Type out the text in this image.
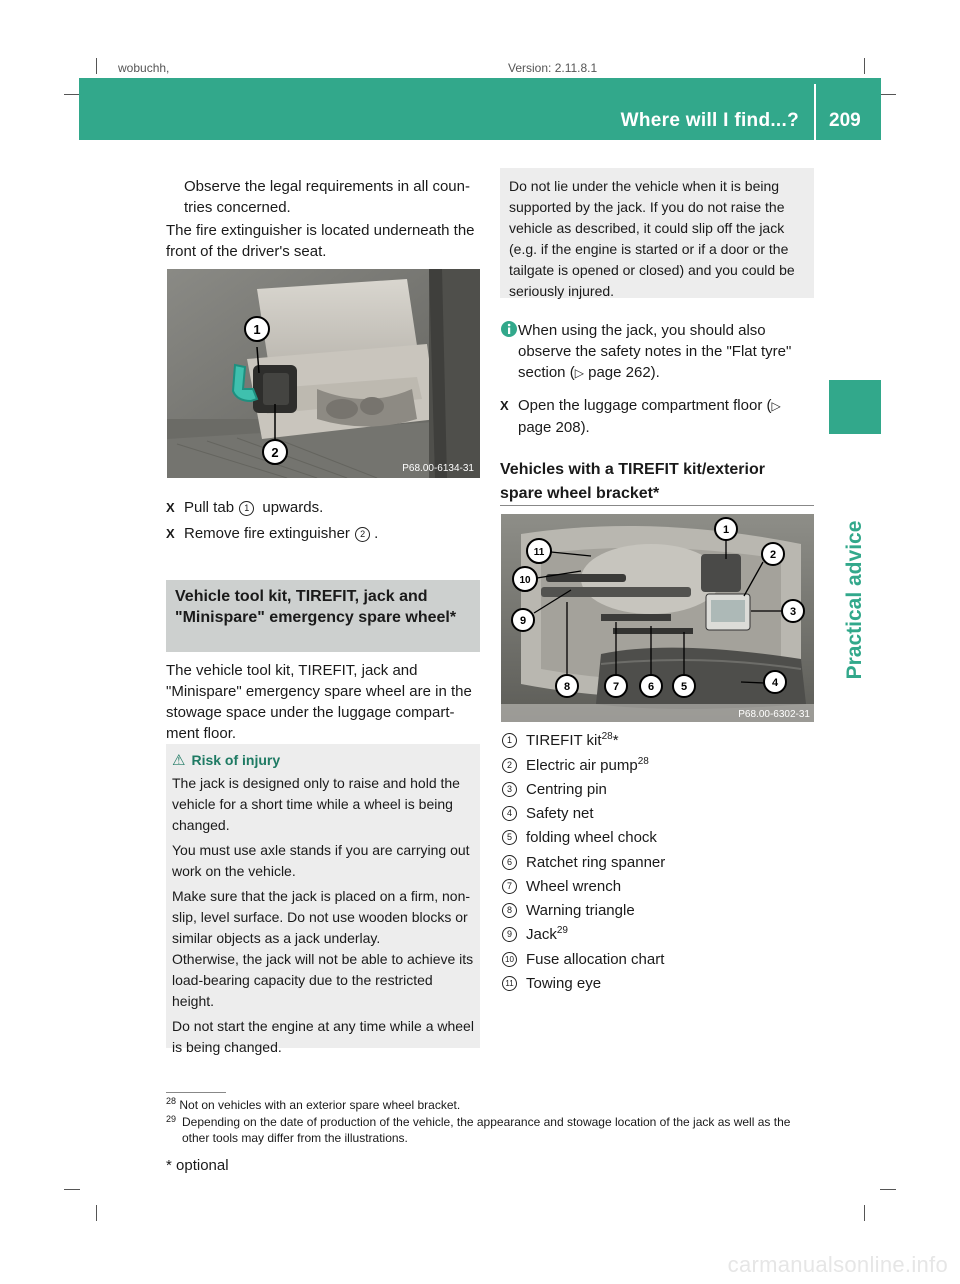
wobuchh,	Version: 2.11.8.1
Where will I find...? 209
Practical advice
Observe the legal requirements in all coun-tries concerned.
The fire extinguisher is located underneath the front of the driver's seat.
1
2
P68.00-6134-31
X Pull tab 1 upwards.
X Remove fire extinguisher 2 .
Vehicle tool kit, TIREFIT, jack and "Minispare" emergency spare wheel*
The vehicle tool kit, TIREFIT, jack and "Minispare" emergency spare wheel are in the stowage space under the luggage compart-ment floor.
⚠ Risk of injury
The jack is designed only to raise and hold the vehicle for a short time while a wheel is being changed.
You must use axle stands if you are carrying out work on the vehicle.
Make sure that the jack is placed on a firm, non-slip, level surface. Do not use wooden blocks or similar objects as a jack underlay.
Otherwise, the jack will not be able to achieve its load-bearing capacity due to the restricted height.
Do not start the engine at any time while a wheel is being changed.
Do not lie under the vehicle when it is being supported by the jack. If you do not raise the vehicle as described, it could slip off the jack (e.g. if the engine is started or if a door or the tailgate is opened or closed) and you could be seriously injured.
When using the jack, you should also observe the safety notes in the "Flat tyre" section (▷ page 262).
X Open the luggage compartment floor (▷ page 208).
Vehicles with a TIREFIT kit/exterior spare wheel bracket*
1
2
3
4
5
6
7
8
9
10
11
P68.00-6302-31
1 TIREFIT kit$^{28}$*
2 Electric air pump$^{28}$
3 Centring pin
4 Safety net
5 folding wheel chock
6 Ratchet ring spanner
7 Wheel wrench
8 Warning triangle
9 Jack$^{29}$
10 Fuse allocation chart
11 Towing eye
$^{28}$ Not on vehicles with an exterior spare wheel bracket.
29 Depending on the date of production of the vehicle, the appearance and stowage location of the jack as well as the other tools may differ from the illustrations.
* optional
carmanualsonline.info
